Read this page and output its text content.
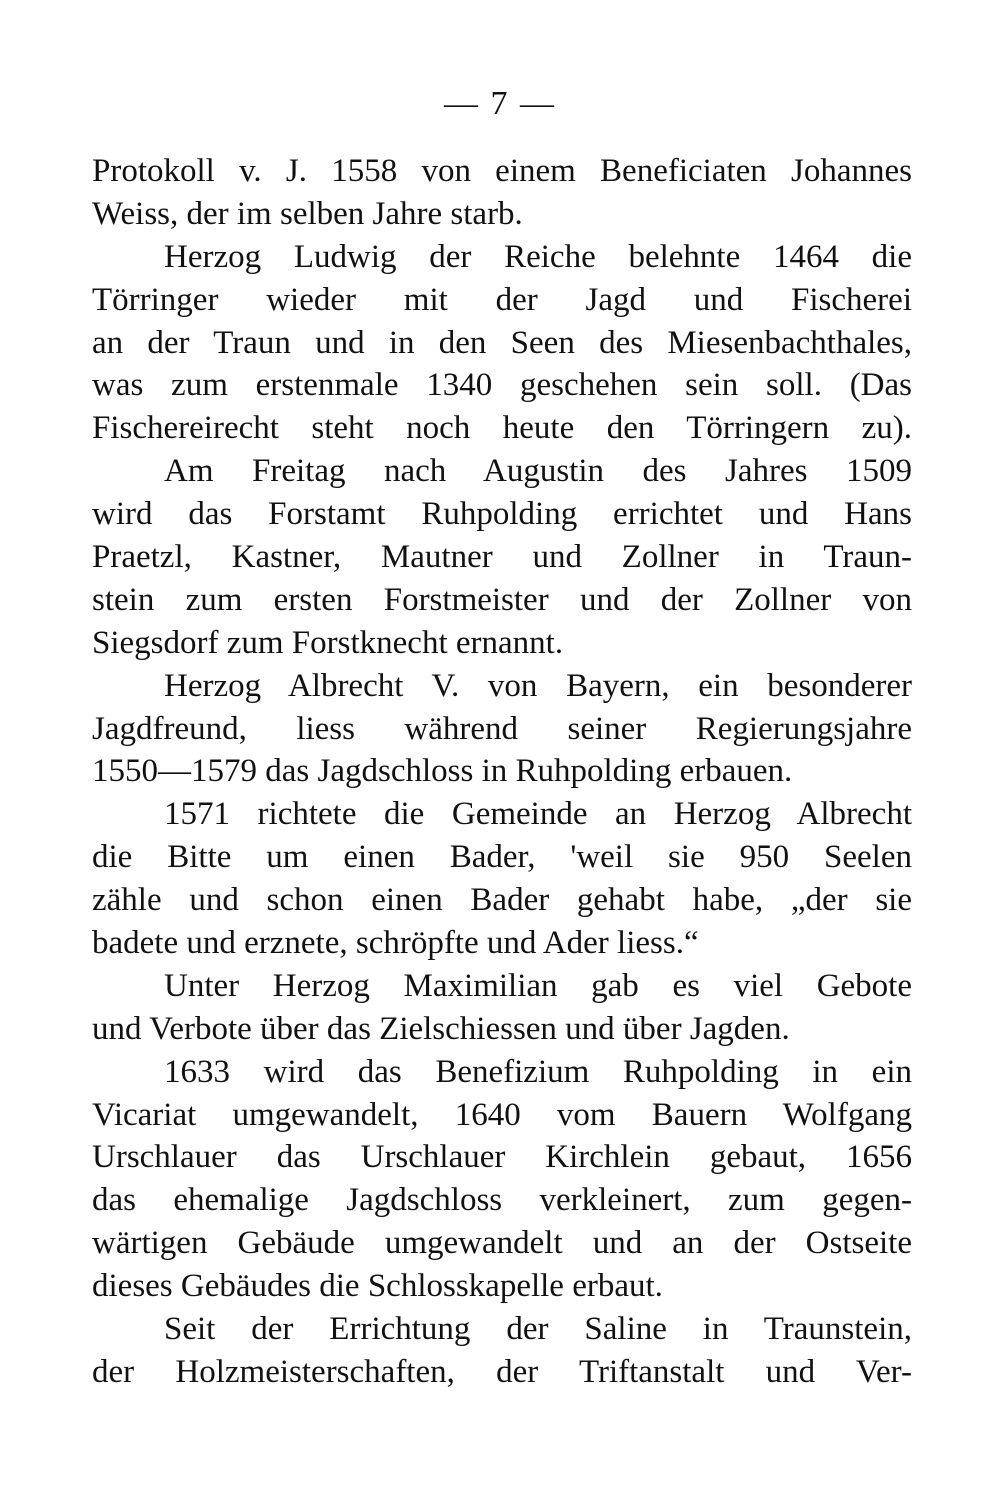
— 7 —
Protokoll v. J. 1558 von einem Beneficiaten Johannes
Weiss, der im selben Jahre starb.
Herzog Ludwig der Reiche belehnte 1464 die
Törringer wieder mit der Jagd und Fischerei
an der Traun und in den Seen des Miesenbachthales,
was zum erstenmale 1340 geschehen sein soll. (Das
Fischereirecht steht noch heute den Törringern zu).
Am Freitag nach Augustin des Jahres 1509
wird das Forstamt Ruhpolding errichtet und Hans
Praetzl, Kastner, Mautner und Zollner in Traun-
stein zum ersten Forstmeister und der Zollner von
Siegsdorf zum Forstknecht ernannt.
Herzog Albrecht V. von Bayern, ein besonderer
Jagdfreund, liess während seiner Regierungsjahre
1550—1579 das Jagdschloss in Ruhpolding erbauen.
1571 richtete die Gemeinde an Herzog Albrecht
die Bitte um einen Bader, 'weil sie 950 Seelen
zähle und schon einen Bader gehabt habe, „der sie
badete und erznete, schröpfte und Ader liess.“
Unter Herzog Maximilian gab es viel Gebote
und Verbote über das Zielschiessen und über Jagden.
1633 wird das Benefizium Ruhpolding in ein
Vicariat umgewandelt, 1640 vom Bauern Wolfgang
Urschlauer das Urschlauer Kirchlein gebaut, 1656
das ehemalige Jagdschloss verkleinert, zum gegen-
wärtigen Gebäude umgewandelt und an der Ostseite
dieses Gebäudes die Schlosskapelle erbaut.
Seit der Errichtung der Saline in Traunstein,
der Holzmeisterschaften, der Triftanstalt und Ver-
